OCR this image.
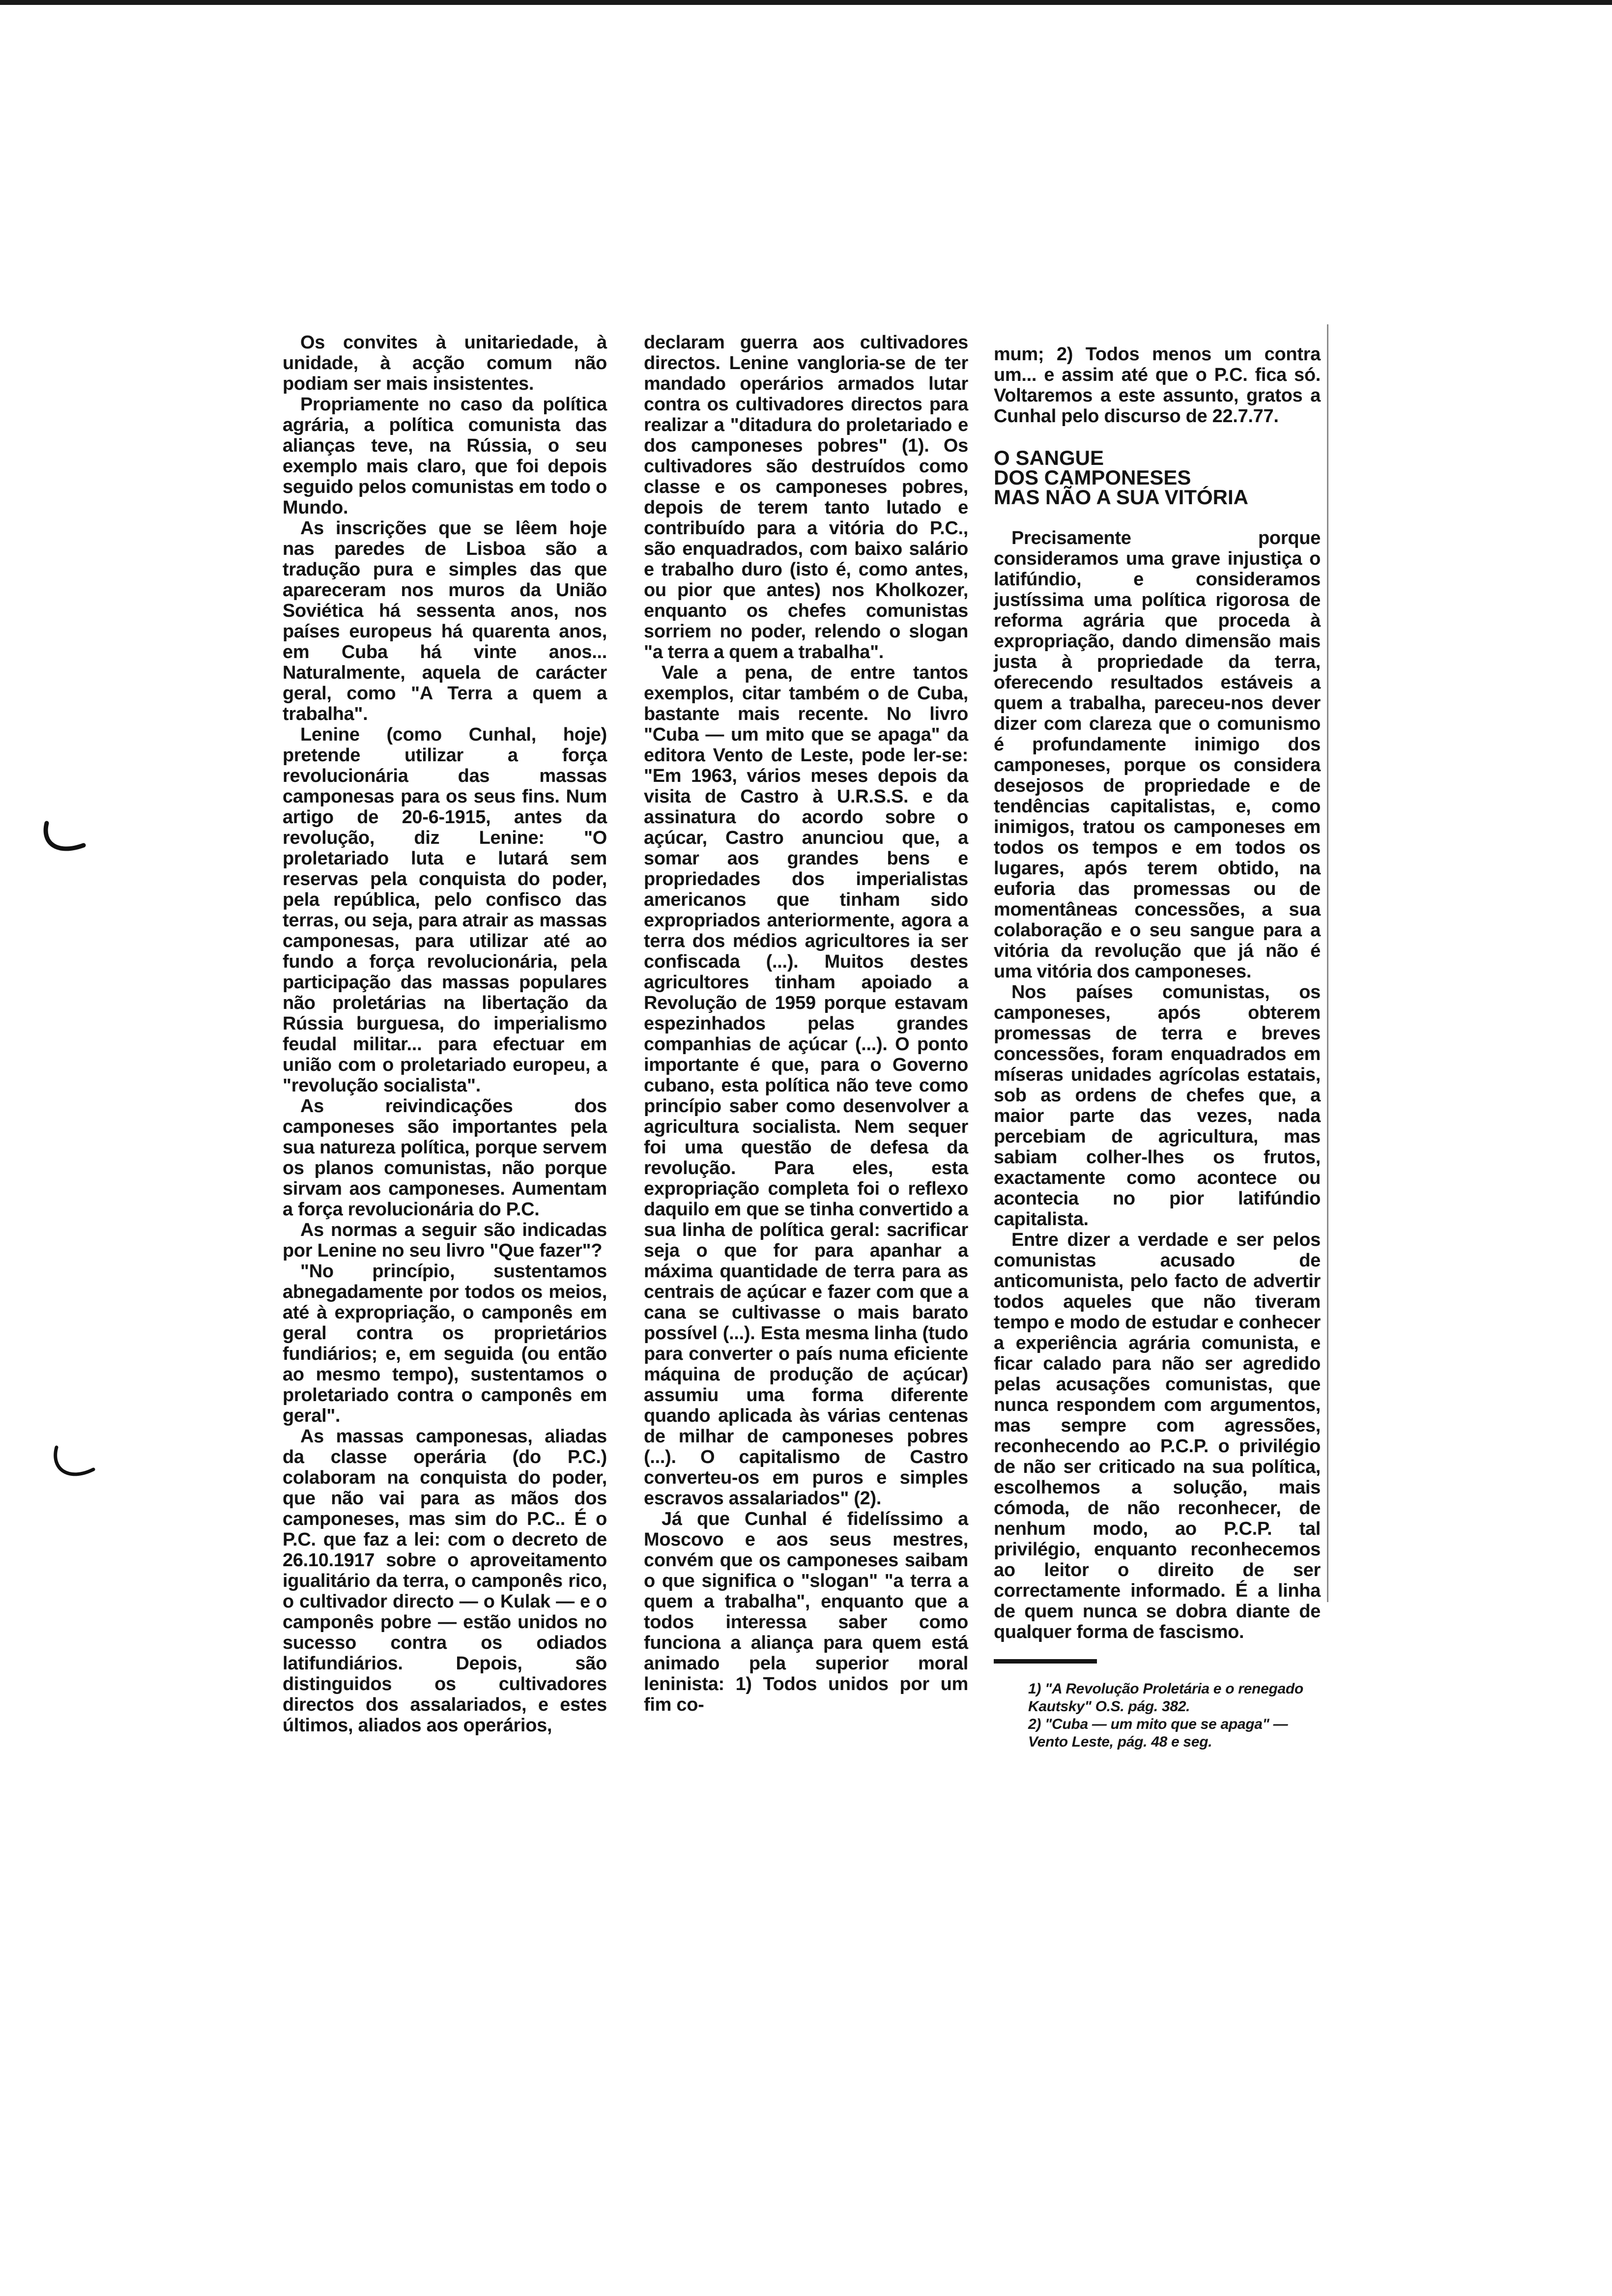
Os convites à unitariedade, à unidade, à acção comum não podiam ser mais insistentes.

Propriamente no caso da política agrária, a política comunista das alianças teve, na Rússia, o seu exemplo mais claro, que foi depois seguido pelos comunistas em todo o Mundo.

As inscrições que se lêem hoje nas paredes de Lisboa são a tradução pura e simples das que apareceram nos muros da União Soviética há sessenta anos, nos países europeus há quarenta anos, em Cuba há vinte anos... Naturalmente, aquela de carácter geral, como "A Terra a quem a trabalha".

Lenine (como Cunhal, hoje) pretende utilizar a força revolucionária das massas camponesas para os seus fins. Num artigo de 20-6-1915, antes da revolução, diz Lenine: "O proletariado luta e lutará sem reservas pela conquista do poder, pela república, pelo confisco das terras, ou seja, para atrair as massas camponesas, para utilizar até ao fundo a força revolucionária, pela participação das massas populares não proletárias na libertação da Rússia burguesa, do imperialismo feudal militar... para efectuar em união com o proletariado europeu, a "revolução socialista".

As reivindicações dos camponeses são importantes pela sua natureza política, porque servem os planos comunistas, não porque sirvam aos camponeses. Aumentam a força revolucionária do P.C.

As normas a seguir são indicadas por Lenine no seu livro "Que fazer"?

"No princípio, sustentamos abnegadamente por todos os meios, até à expropriação, o camponês em geral contra os proprietários fundiários; e, em seguida (ou então ao mesmo tempo), sustentamos o proletariado contra o camponês em geral".

As massas camponesas, aliadas da classe operária (do P.C.) colaboram na conquista do poder, que não vai para as mãos dos camponeses, mas sim do P.C.. É o P.C. que faz a lei: com o decreto de 26.10.1917 sobre o aproveitamento igualitário da terra, o camponês rico, o cultivador directo — o Kulak — e o camponês pobre — estão unidos no sucesso contra os odiados latifundiários. Depois, são distinguidos os cultivadores directos dos assalariados, e estes últimos, aliados aos operários,

declaram guerra aos cultivadores directos. Lenine vangloria-se de ter mandado operários armados lutar contra os cultivadores directos para realizar a "ditadura do proletariado e dos camponeses pobres" (1). Os cultivadores são destruídos como classe e os camponeses pobres, depois de terem tanto lutado e contribuído para a vitória do P.C., são enquadrados, com baixo salário e trabalho duro (isto é, como antes, ou pior que antes) nos Kholkozer, enquanto os chefes comunistas sorriem no poder, relendo o slogan "a terra a quem a trabalha".

Vale a pena, de entre tantos exemplos, citar também o de Cuba, bastante mais recente. No livro "Cuba — um mito que se apaga" da editora Vento de Leste, pode ler-se: "Em 1963, vários meses depois da visita de Castro à U.R.S.S. e da assinatura do acordo sobre o açúcar, Castro anunciou que, a somar aos grandes bens e propriedades dos imperialistas americanos que tinham sido expropriados anteriormente, agora a terra dos médios agricultores ia ser confiscada (...). Muitos destes agricultores tinham apoiado a Revolução de 1959 porque estavam espezinhados pelas grandes companhias de açúcar (...). O ponto importante é que, para o Governo cubano, esta política não teve como princípio saber como desenvolver a agricultura socialista. Nem sequer foi uma questão de defesa da revolução. Para eles, esta expropriação completa foi o reflexo daquilo em que se tinha convertido a sua linha de política geral: sacrificar seja o que for para apanhar a máxima quantidade de terra para as centrais de açúcar e fazer com que a cana se cultivasse o mais barato possível (...). Esta mesma linha (tudo para converter o país numa eficiente máquina de produção de açúcar) assumiu uma forma diferente quando aplicada às várias centenas de milhar de camponeses pobres (...). O capitalismo de Castro converteu-os em puros e simples escravos assalariados" (2).

Já que Cunhal é fidelíssimo a Moscovo e aos seus mestres, convém que os camponeses saibam o que significa o "slogan" "a terra a quem a trabalha", enquanto que a todos interessa saber como funciona a aliança para quem está animado pela superior moral leninista: 1) Todos unidos por um fim co-

mum; 2) Todos menos um contra um... e assim até que o P.C. fica só. Voltaremos a este assunto, gratos a Cunhal pelo discurso de 22.7.77.

O SANGUE
DOS CAMPONESES
MAS NÃO A SUA VITÓRIA

Precisamente porque consideramos uma grave injustiça o latifúndio, e consideramos justíssima uma política rigorosa de reforma agrária que proceda à expropriação, dando dimensão mais justa à propriedade da terra, oferecendo resultados estáveis a quem a trabalha, pareceu-nos dever dizer com clareza que o comunismo é profundamente inimigo dos camponeses, porque os considera desejosos de propriedade e de tendências capitalistas, e, como inimigos, tratou os camponeses em todos os tempos e em todos os lugares, após terem obtido, na euforia das promessas ou de momentâneas concessões, a sua colaboração e o seu sangue para a vitória da revolução que já não é uma vitória dos camponeses.

Nos países comunistas, os camponeses, após obterem promessas de terra e breves concessões, foram enquadrados em míseras unidades agrícolas estatais, sob as ordens de chefes que, a maior parte das vezes, nada percebiam de agricultura, mas sabiam colher-lhes os frutos, exactamente como acontece ou acontecia no pior latifúndio capitalista.

Entre dizer a verdade e ser pelos comunistas acusado de anticomunista, pelo facto de advertir todos aqueles que não tiveram tempo e modo de estudar e conhecer a experiência agrária comunista, e ficar calado para não ser agredido pelas acusações comunistas, que nunca respondem com argumentos, mas sempre com agressões, reconhecendo ao P.C.P. o privilégio de não ser criticado na sua política, escolhemos a solução, mais cómoda, de não reconhecer, de nenhum modo, ao P.C.P. tal privilégio, enquanto reconhecemos ao leitor o direito de ser correctamente informado. É a linha de quem nunca se dobra diante de qualquer forma de fascismo.

1) "A Revolução Proletária e o renegado Kautsky" O.S. pág. 382.

2) "Cuba — um mito que se apaga" — Vento Leste, pág. 48 e seg.
